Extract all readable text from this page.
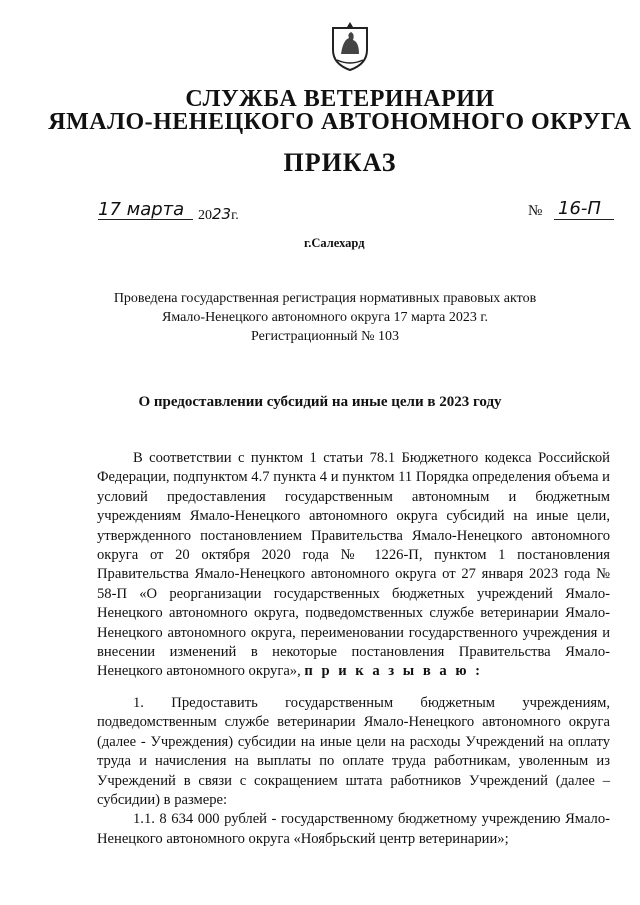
СЛУЖБА ВЕТЕРИНАРИИ
ЯМАЛО-НЕНЕЦКОГО АВТОНОМНОГО ОКРУГА
ПРИКАЗ
17 марта 2023г.	№ 16-П
г.Салехард
Проведена государственная регистрация нормативных правовых актов
Ямало-Ненецкого автономного округа 17 марта 2023 г.
Регистрационный № 103
О предоставлении субсидий на иные цели в 2023 году

В соответствии с пунктом 1 статьи 78.1 Бюджетного кодекса Российской Федерации, подпунктом 4.7 пункта 4 и пунктом 11 Порядка определения объема и условий предоставления государственным автономным и бюджетным учреждениям Ямало-Ненецкого автономного округа субсидий на иные цели, утвержденного постановлением Правительства Ямало-Ненецкого автономного округа от 20 октября 2020 года № 1226-П, пунктом 1 постановления Правительства Ямало-Ненецкого автономного округа от 27 января 2023 года № 58-П «О реорганизации государственных бюджетных учреждений Ямало-Ненецкого автономного округа, подведомственных службе ветеринарии Ямало-Ненецкого автономного округа, переименовании государственного учреждения и внесении изменений в некоторые постановления Правительства Ямало-Ненецкого автономного округа», п р и к а з ы в а ю :

1. Предоставить государственным бюджетным учреждениям, подведомственным службе ветеринарии Ямало-Ненецкого автономного округа (далее - Учреждения) субсидии на иные цели на расходы Учреждений на оплату труда и начисления на выплаты по оплате труда работникам, уволенным из Учреждений в связи с сокращением штата работников Учреждений (далее – субсидии) в размере:

1.1. 8 634 000 рублей - государственному бюджетному учреждению Ямало-Ненецкого автономного округа «Ноябрьский центр ветеринарии»;
